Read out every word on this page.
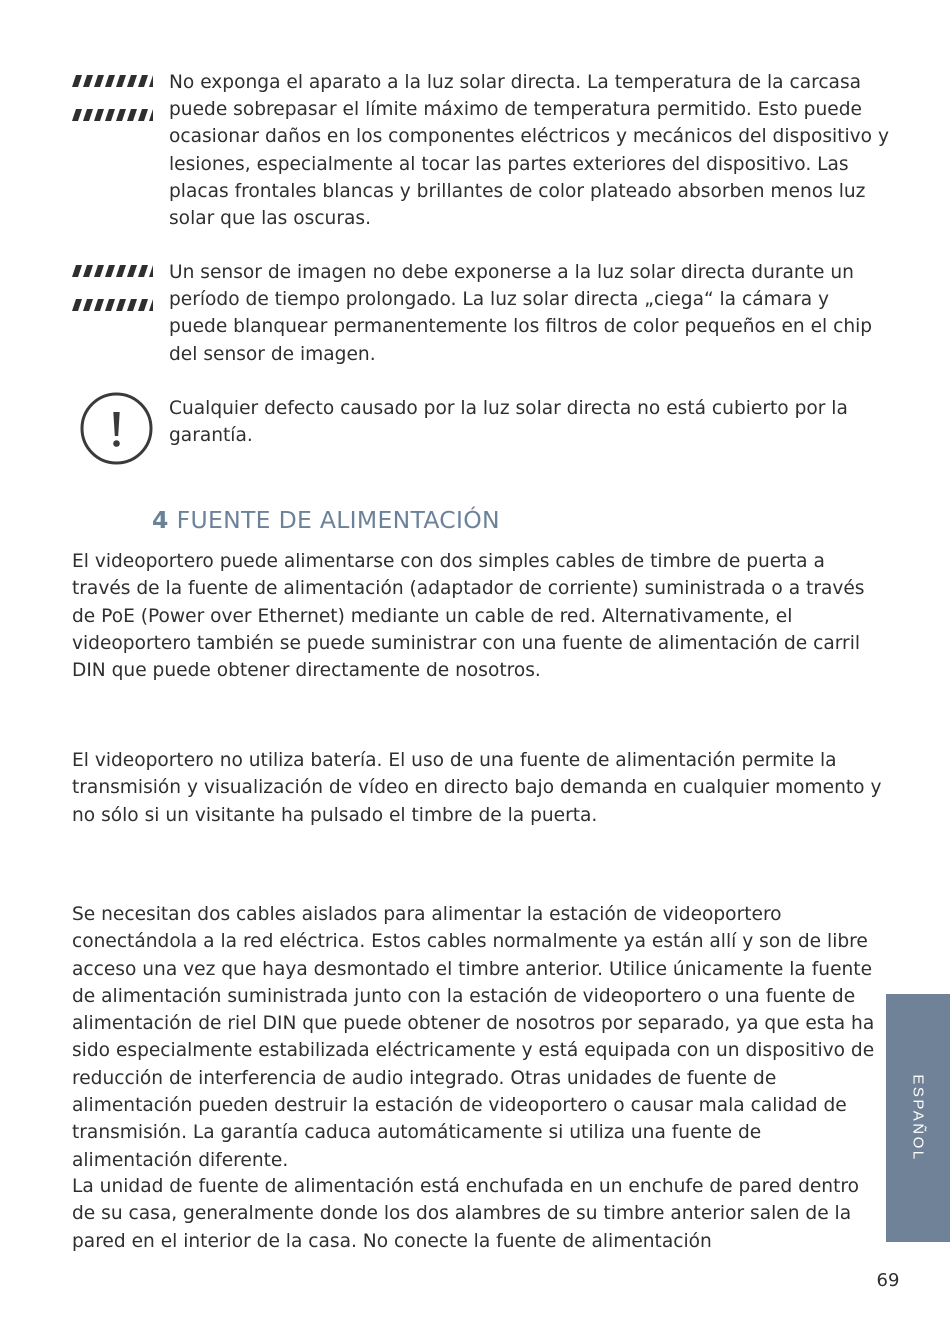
No exponga el aparato a la luz solar directa. La temperatura de la carcasa puede sobrepasar el límite máximo de temperatura permitido. Esto puede ocasionar daños en los componentes eléctricos y mecánicos del dispositivo y lesiones, especialmente al tocar las partes exteriores del dispositivo. Las placas frontales blancas y brillantes de color plateado absorben menos luz solar que las oscuras.

Un sensor de imagen no debe exponerse a la luz solar directa durante un período de tiempo prolongado. La luz solar directa „ciega“ la cámara y puede blanquear permanentemente los filtros de color pequeños en el chip del sensor de imagen.

Cualquier defecto causado por la luz solar directa no está cubierto por la garantía.

4 FUENTE DE ALIMENTACIÓN

El videoportero puede alimentarse con dos simples cables de timbre de puerta a través de la fuente de alimentación (adaptador de corriente) suministrada o a través de PoE (Power over Ethernet) mediante un cable de red. Alternativamente, el videoportero también se puede suministrar con una fuente de alimentación de carril DIN que puede obtener directamente de nosotros.

El videoportero no utiliza batería. El uso de una fuente de alimentación permite la transmisión y visualización de vídeo en directo bajo demanda en cualquier momento y no sólo si un visitante ha pulsado el timbre de la puerta.

Se necesitan dos cables aislados para alimentar la estación de videoportero conectándola a la red eléctrica. Estos cables normalmente ya están allí y son de libre acceso una vez que haya desmontado el timbre anterior. Utilice únicamente la fuente de alimentación suministrada junto con la estación de videoportero o una fuente de alimentación de riel DIN que puede obtener de nosotros por separado, ya que esta ha sido especialmente estabilizada eléctricamente y está equipada con un dispositivo de reducción de interferencia de audio integrado. Otras unidades de fuente de alimentación pueden destruir la estación de videoportero o causar mala calidad de transmisión. La garantía caduca automáticamente si utiliza una fuente de alimentación diferente.

La unidad de fuente de alimentación está enchufada en un enchufe de pared dentro de su casa, generalmente donde los dos alambres de su timbre anterior salen de la pared en el interior de la casa. No conecte la fuente de alimentación

ESPAÑOL
69
